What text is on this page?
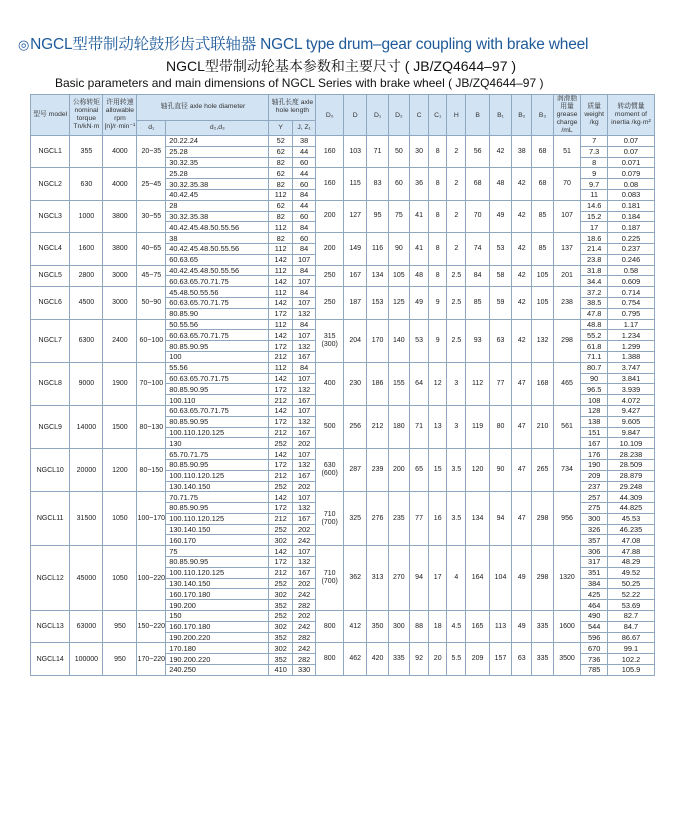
◎NGCL型带制动轮鼓形齿式联轴器 NGCL type drum–gear coupling with brake wheel
NGCL型带制动轮基本参数和主要尺寸 ( JB/ZQ4644–97 )
Basic parameters and main dimensions of NGCL Series with brake wheel ( JB/ZQ4644–97 )
型号 model	公称转矩 nominal torque Tn/kN·m	许用转速 allowable rpm [n]/r·min⁻¹	轴孔直径 axle hole diameter		轴孔长度 axle hole length		D₀	D	D₁	D₂	C	C₁	H	B	B₁	B₂	B₃	润滑脂用量 grease charge /mL	质量 weight /kg	转动惯量 moment of inertia /kg·m²
			d₁	d₂,d₃	Y	J, Z₁														
NGCL1	355	4000	20~35	20.22.24	52	38	160	103	71	50	30	8	2	56	42	38	68	51	7	0.07
				25.28	62	44													7.3	0.07
				30.32.35	82	60													8	0.071
NGCL2	630	4000	25~45	25.28	62	44	160	115	83	60	36	8	2	68	48	42	68	70	9	0.079
				30.32.35.38	82	60													9.7	0.08
				40.42.45	112	84													11	0.083
NGCL3	1000	3800	30~55	28	62	44	200	127	95	75	41	8	2	70	49	42	85	107	14.6	0.181
				30.32.35.38	82	60													15.2	0.184
				40.42.45.48.50.55.56	112	84													17	0.187
NGCL4	1600	3800	40~65	38	82	60	200	149	116	90	41	8	2	74	53	42	85	137	18.6	0.225
				40.42.45.48.50.55.56	112	84													21.4	0.237
				60.63.65	142	107													23.8	0.246
NGCL5	2800	3000	45~75	40.42.45.48.50.55.56	112	84	250	167	134	105	48	8	2.5	84	58	42	105	201	31.8	0.58
				60.63.65.70.71.75	142	107													34.4	0.609
NGCL6	4500	3000	50~90	45.48.50.55.56	112	84	250	187	153	125	49	9	2.5	85	59	42	105	238	37.2	0.714
				60.63.65.70.71.75	142	107													38.5	0.754
				80.85.90	172	132													47.8	0.795
NGCL7	6300	2400	60~100	50.55.56	112	84	315 (300)	204	170	140	53	9	2.5	93	63	42	132	298	48.8	1.17
				60.63.65.70.71.75	142	107													55.2	1.234
				80.85.90.95	172	132													61.8	1.299
				100	212	167													71.1	1.388
NGCL8	9000	1900	70~100	55.56	112	84	400	230	186	155	64	12	3	112	77	47	168	465	80.7	3.747
				60.63.65.70.71.75	142	107													90	3.841
				80.85.90.95	172	132													96.5	3.939
				100.110	212	167													108	4.072
NGCL9	14000	1500	80~130	60.63.65.70.71.75	142	107	500	256	212	180	71	13	3	119	80	47	210	561	128	9.427
				80.85.90.95	172	132													138	9.605
				100.110.120.125	212	167													151	9.847
				130	252	202													167	10.109
NGCL10	20000	1200	80~150	65.70.71.75	142	107	630 (600)	287	239	200	65	15	3.5	120	90	47	265	734	176	28.238
				80.85.90.95	172	132													190	28.509
				100.110.120.125	212	167													209	28.879
				130.140.150	252	202													237	29.248
NGCL11	31500	1050	100~170	70.71.75	142	107	710 (700)	325	276	235	77	16	3.5	134	94	47	298	956	257	44.309
				80.85.90.95	172	132													275	44.825
				100.110.120.125	212	167													300	45.53
				130.140.150	252	202													326	46.235
				160.170	302	242													357	47.08
NGCL12	45000	1050	100~220	75	142	107	710 (700)	362	313	270	94	17	4	164	104	49	298	1320	306	47.88
				80.85.90.95	172	132													317	48.29
				100.110.120.125	212	167													351	49.52
				130.140.150	252	202													384	50.25
				160.170.180	302	242													425	52.22
				190.200	352	282													464	53.69
NGCL13	63000	950	150~220	150	252	202	800	412	350	300	88	18	4.5	165	113	49	335	1600	490	82.7
				160.170.180	302	242													544	84.7
				190.200.220	352	282													596	86.67
NGCL14	100000	950	170~220	170.180	302	242	800	462	420	335	92	20	5.5	209	157	63	335	3500	670	99.1
				190.200.220	352	282													736	102.2
				240.250	410	330													785	105.9
